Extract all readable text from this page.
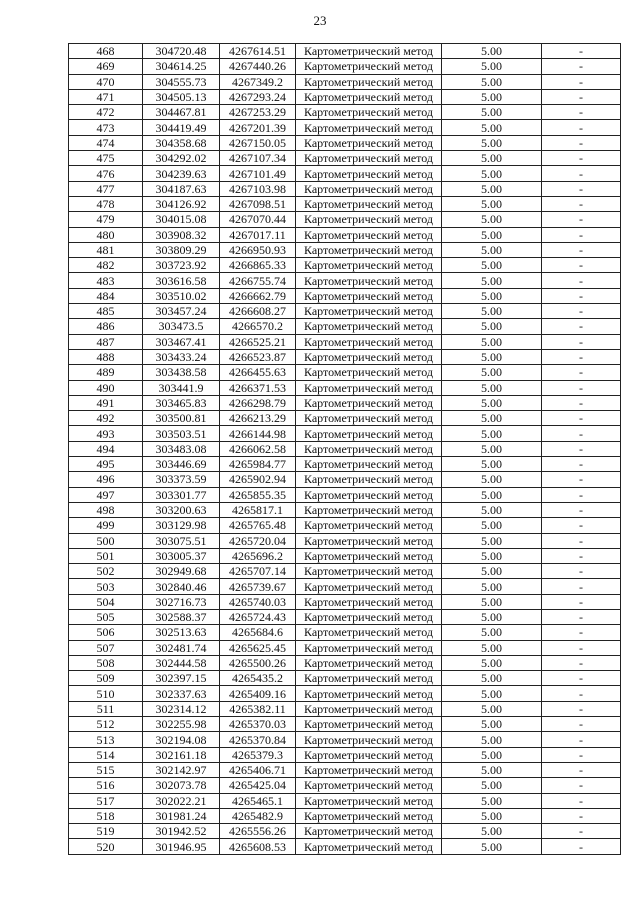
23
468	304720.48	4267614.51	Картометрический метод	5.00	-
469	304614.25	4267440.26	Картометрический метод	5.00	-
470	304555.73	4267349.2	Картометрический метод	5.00	-
471	304505.13	4267293.24	Картометрический метод	5.00	-
472	304467.81	4267253.29	Картометрический метод	5.00	-
473	304419.49	4267201.39	Картометрический метод	5.00	-
474	304358.68	4267150.05	Картометрический метод	5.00	-
475	304292.02	4267107.34	Картометрический метод	5.00	-
476	304239.63	4267101.49	Картометрический метод	5.00	-
477	304187.63	4267103.98	Картометрический метод	5.00	-
478	304126.92	4267098.51	Картометрический метод	5.00	-
479	304015.08	4267070.44	Картометрический метод	5.00	-
480	303908.32	4267017.11	Картометрический метод	5.00	-
481	303809.29	4266950.93	Картометрический метод	5.00	-
482	303723.92	4266865.33	Картометрический метод	5.00	-
483	303616.58	4266755.74	Картометрический метод	5.00	-
484	303510.02	4266662.79	Картометрический метод	5.00	-
485	303457.24	4266608.27	Картометрический метод	5.00	-
486	303473.5	4266570.2	Картометрический метод	5.00	-
487	303467.41	4266525.21	Картометрический метод	5.00	-
488	303433.24	4266523.87	Картометрический метод	5.00	-
489	303438.58	4266455.63	Картометрический метод	5.00	-
490	303441.9	4266371.53	Картометрический метод	5.00	-
491	303465.83	4266298.79	Картометрический метод	5.00	-
492	303500.81	4266213.29	Картометрический метод	5.00	-
493	303503.51	4266144.98	Картометрический метод	5.00	-
494	303483.08	4266062.58	Картометрический метод	5.00	-
495	303446.69	4265984.77	Картометрический метод	5.00	-
496	303373.59	4265902.94	Картометрический метод	5.00	-
497	303301.77	4265855.35	Картометрический метод	5.00	-
498	303200.63	4265817.1	Картометрический метод	5.00	-
499	303129.98	4265765.48	Картометрический метод	5.00	-
500	303075.51	4265720.04	Картометрический метод	5.00	-
501	303005.37	4265696.2	Картометрический метод	5.00	-
502	302949.68	4265707.14	Картометрический метод	5.00	-
503	302840.46	4265739.67	Картометрический метод	5.00	-
504	302716.73	4265740.03	Картометрический метод	5.00	-
505	302588.37	4265724.43	Картометрический метод	5.00	-
506	302513.63	4265684.6	Картометрический метод	5.00	-
507	302481.74	4265625.45	Картометрический метод	5.00	-
508	302444.58	4265500.26	Картометрический метод	5.00	-
509	302397.15	4265435.2	Картометрический метод	5.00	-
510	302337.63	4265409.16	Картометрический метод	5.00	-
511	302314.12	4265382.11	Картометрический метод	5.00	-
512	302255.98	4265370.03	Картометрический метод	5.00	-
513	302194.08	4265370.84	Картометрический метод	5.00	-
514	302161.18	4265379.3	Картометрический метод	5.00	-
515	302142.97	4265406.71	Картометрический метод	5.00	-
516	302073.78	4265425.04	Картометрический метод	5.00	-
517	302022.21	4265465.1	Картометрический метод	5.00	-
518	301981.24	4265482.9	Картометрический метод	5.00	-
519	301942.52	4265556.26	Картометрический метод	5.00	-
520	301946.95	4265608.53	Картометрический метод	5.00	-
